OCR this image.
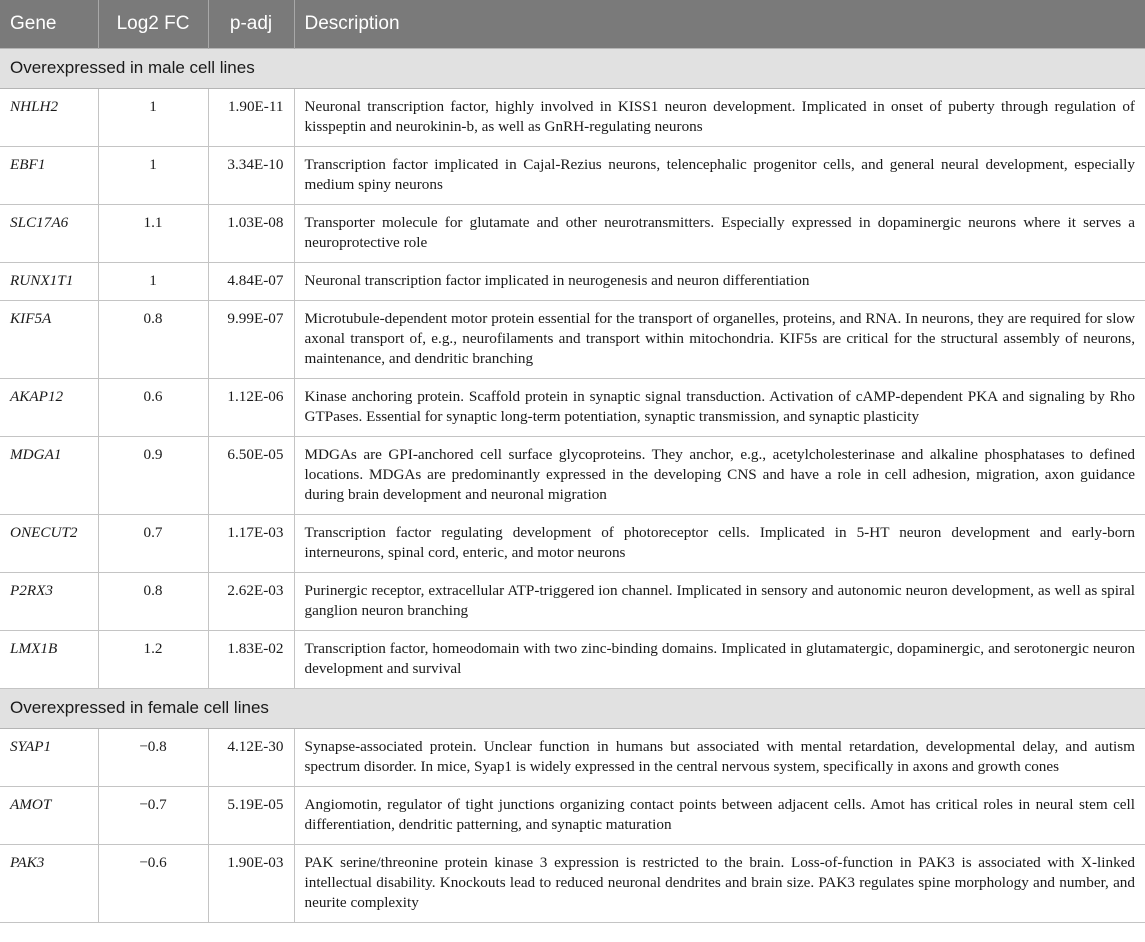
Gene	Log2 FC	p-adj	Description
Overexpressed in male cell lines			
NHLH2	1	1.90E-11	Neuronal transcription factor, highly involved in KISS1 neuron development. Implicated in onset of puberty through regulation of kisspeptin and neurokinin-b, as well as GnRH-regulating neurons
EBF1	1	3.34E-10	Transcription factor implicated in Cajal-Rezius neurons, telencephalic progenitor cells, and general neural development, especially medium spiny neurons
SLC17A6	1.1	1.03E-08	Transporter molecule for glutamate and other neurotransmitters. Especially expressed in dopaminergic neurons where it serves a neuroprotective role
RUNX1T1	1	4.84E-07	Neuronal transcription factor implicated in neurogenesis and neuron differentiation
KIF5A	0.8	9.99E-07	Microtubule-dependent motor protein essential for the transport of organelles, proteins, and RNA. In neurons, they are required for slow axonal transport of, e.g., neurofilaments and transport within mitochondria. KIF5s are critical for the structural assembly of neurons, maintenance, and dendritic branching
AKAP12	0.6	1.12E-06	Kinase anchoring protein. Scaffold protein in synaptic signal transduction. Activation of cAMP-dependent PKA and signaling by Rho GTPases. Essential for synaptic long-term potentiation, synaptic transmission, and synaptic plasticity
MDGA1	0.9	6.50E-05	MDGAs are GPI-anchored cell surface glycoproteins. They anchor, e.g., acetylcholesterinase and alkaline phosphatases to defined locations. MDGAs are predominantly expressed in the developing CNS and have a role in cell adhesion, migration, axon guidance during brain development and neuronal migration
ONECUT2	0.7	1.17E-03	Transcription factor regulating development of photoreceptor cells. Implicated in 5-HT neuron development and early-born interneurons, spinal cord, enteric, and motor neurons
P2RX3	0.8	2.62E-03	Purinergic receptor, extracellular ATP-triggered ion channel. Implicated in sensory and autonomic neuron development, as well as spiral ganglion neuron branching
LMX1B	1.2	1.83E-02	Transcription factor, homeodomain with two zinc-binding domains. Implicated in glutamatergic, dopaminergic, and serotonergic neuron development and survival
Overexpressed in female cell lines			
SYAP1	−0.8	4.12E-30	Synapse-associated protein. Unclear function in humans but associated with mental retardation, developmental delay, and autism spectrum disorder. In mice, Syap1 is widely expressed in the central nervous system, specifically in axons and growth cones
AMOT	−0.7	5.19E-05	Angiomotin, regulator of tight junctions organizing contact points between adjacent cells. Amot has critical roles in neural stem cell differentiation, dendritic patterning, and synaptic maturation
PAK3	−0.6	1.90E-03	PAK serine/threonine protein kinase 3 expression is restricted to the brain. Loss-of-function in PAK3 is associated with X-linked intellectual disability. Knockouts lead to reduced neuronal dendrites and brain size. PAK3 regulates spine morphology and number, and neurite complexity
